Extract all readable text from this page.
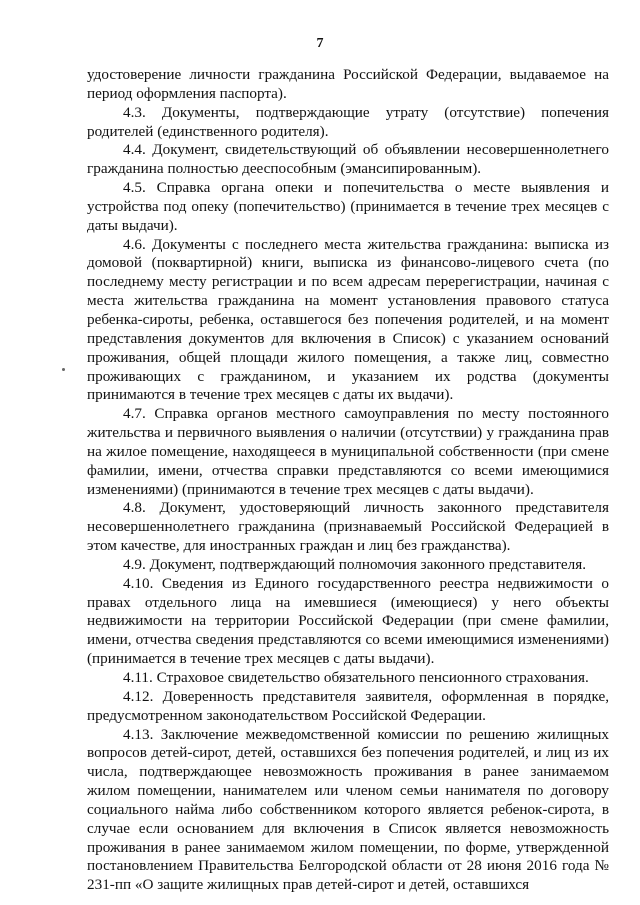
7

удостоверение личности гражданина Российской Федерации, выдаваемое на период оформления паспорта).

4.3. Документы, подтверждающие утрату (отсутствие) попечения родителей (единственного родителя).

4.4. Документ, свидетельствующий об объявлении несовершеннолетнего гражданина полностью дееспособным (эмансипированным).

4.5. Справка органа опеки и попечительства о месте выявления и устройства под опеку (попечительство) (принимается в течение трех месяцев с даты выдачи).

4.6. Документы с последнего места жительства гражданина: выписка из домовой (поквартирной) книги, выписка из финансово-лицевого счета (по последнему месту регистрации и по всем адресам перерегистрации, начиная с места жительства гражданина на момент установления правового статуса ребенка-сироты, ребенка, оставшегося без попечения родителей, и на момент представления документов для включения в Список) с указанием оснований проживания, общей площади жилого помещения, а также лиц, совместно проживающих с гражданином, и указанием их родства (документы принимаются в течение трех месяцев с даты их выдачи).

4.7. Справка органов местного самоуправления по месту постоянного жительства и первичного выявления о наличии (отсутствии) у гражданина прав на жилое помещение, находящееся в муниципальной собственности (при смене фамилии, имени, отчества справки представляются со всеми имеющимися изменениями) (принимаются в течение трех месяцев с даты выдачи).

4.8. Документ, удостоверяющий личность законного представителя несовершеннолетнего гражданина (признаваемый Российской Федерацией в этом качестве, для иностранных граждан и лиц без гражданства).

4.9. Документ, подтверждающий полномочия законного представителя.

4.10. Сведения из Единого государственного реестра недвижимости о правах отдельного лица на имевшиеся (имеющиеся) у него объекты недвижимости на территории Российской Федерации (при смене фамилии, имени, отчества сведения представляются со всеми имеющимися изменениями) (принимается в течение трех месяцев с даты выдачи).

4.11. Страховое свидетельство обязательного пенсионного страхования.

4.12. Доверенность представителя заявителя, оформленная в порядке, предусмотренном законодательством Российской Федерации.

4.13. Заключение межведомственной комиссии по решению жилищных вопросов детей-сирот, детей, оставшихся без попечения родителей, и лиц из их числа, подтверждающее невозможность проживания в ранее занимаемом жилом помещении, нанимателем или членом семьи нанимателя по договору социального найма либо собственником которого является ребенок-сирота, в случае если основанием для включения в Список является невозможность проживания в ранее занимаемом жилом помещении, по форме, утвержденной постановлением Правительства Белгородской области от 28 июня 2016 года № 231-пп «О защите жилищных прав детей-сирот и детей, оставшихся
